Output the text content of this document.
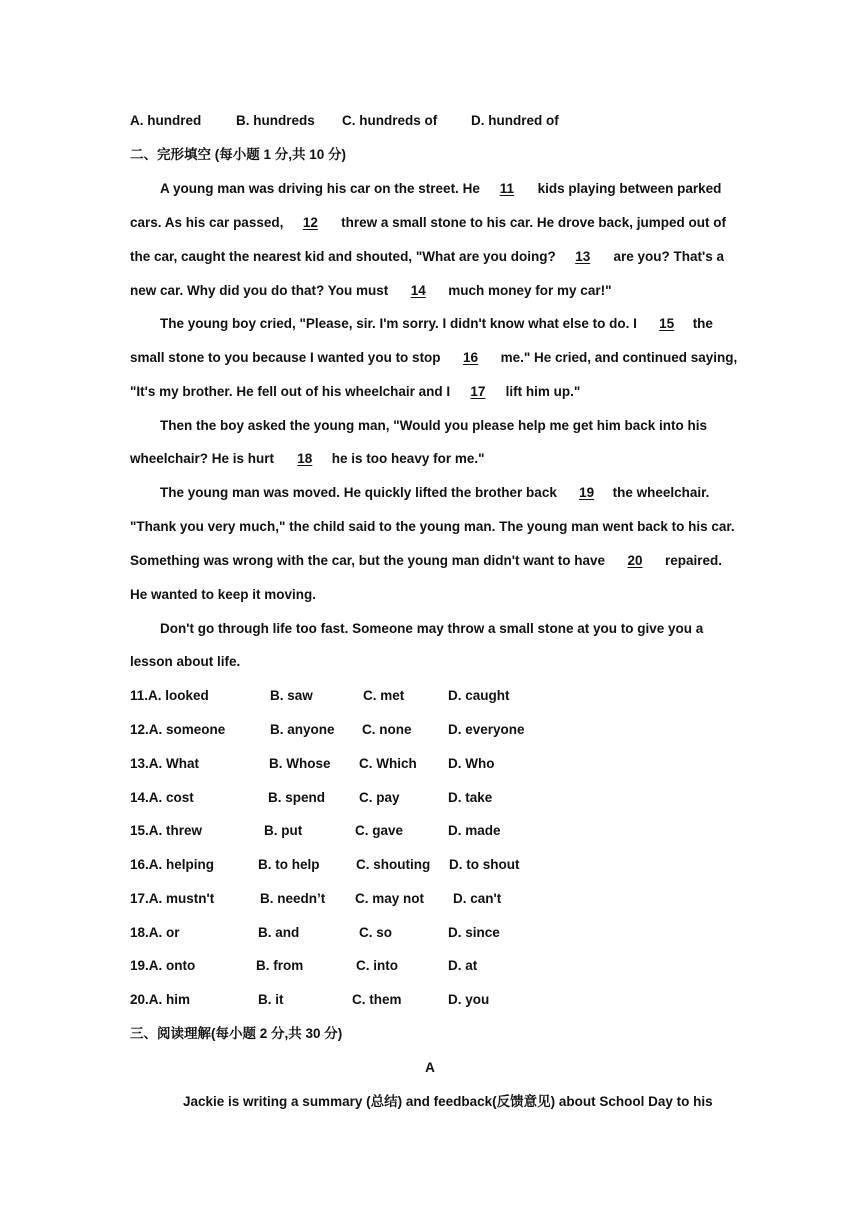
A. hundred	B. hundreds C. hundreds of	D. hundred of
二、完形填空 (每小题 1 分,共 10 分)
A young man was driving his car on the street. He 11 kids playing between parked
cars. As his car passed, 12 threw a small stone to his car. He drove back, jumped out of
the car, caught the nearest kid and shouted, "What are you doing? 13 are you? That's a
new car. Why did you do that? You must 14 much money for my car!"
The young boy cried, "Please, sir. I'm sorry. I didn't know what else to do. I 15 the
small stone to you because I wanted you to stop 16 me." He cried, and continued saying,
"It's my brother. He fell out of his wheelchair and I 17 lift him up."
Then the boy asked the young man, "Would you please help me get him back into his
wheelchair? He is hurt 18 he is too heavy for me."
The young man was moved. He quickly lifted the brother back 19 the wheelchair.
"Thank you very much," the child said to the young man. The young man went back to his car.
Something was wrong with the car, but the young man didn't want to have 20 repaired.
He wanted to keep it moving.
Don't go through life too fast. Someone may throw a small stone at you to give you a
lesson about life.
11.A. looked	B. saw	C. met	D. caught
12.A. someone	B. anyone C. none	D. everyone
13.A. What	B. Whose C. Which D. Who
14.A. cost	B. spend	C. pay	D. take
15.A. threw	B. put	C. gave	D. made
16.A. helping	B. to help	C. shouting D. to shout
17.A. mustn't	B. needn’t C. may not D. can't
18.A. or	B. and	C. so	D. since
19.A. onto	B. from	C. into	D. at
20.A. him	B. it	C. them	D. you
三、阅读理解(每小题 2 分,共 30 分)
A
Jackie is writing a summary (总结) and feedback(反馈意见) about School Day to his
